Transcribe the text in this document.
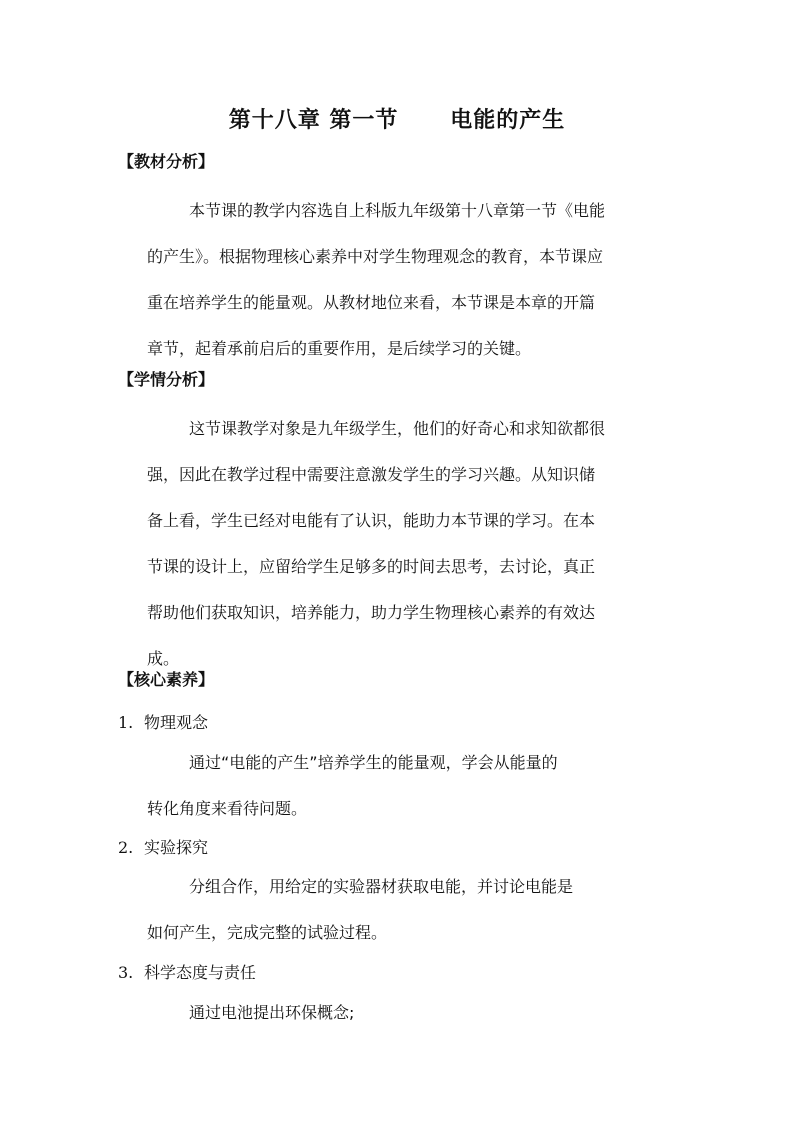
第十八章 第一节      电能的产生
【教材分析】
本节课的教学内容选自上科版九年级第十八章第一节《电能
的产生》。根据物理核心素养中对学生物理观念的教育，本节课应
重在培养学生的能量观。从教材地位来看，本节课是本章的开篇
章节，起着承前启后的重要作用，是后续学习的关键。
【学情分析】
这节课教学对象是九年级学生，他们的好奇心和求知欲都很
强，因此在教学过程中需要注意激发学生的学习兴趣。从知识储
备上看，学生已经对电能有了认识，能助力本节课的学习。在本
节课的设计上，应留给学生足够多的时间去思考，去讨论，真正
帮助他们获取知识，培养能力，助力学生物理核心素养的有效达
成。
【核心素养】
1. 物理观念
通过“电能的产生”培养学生的能量观，学会从能量的
转化角度来看待问题。
2. 实验探究
分组合作，用给定的实验器材获取电能，并讨论电能是
如何产生，完成完整的试验过程。
3. 科学态度与责任
通过电池提出环保概念;
